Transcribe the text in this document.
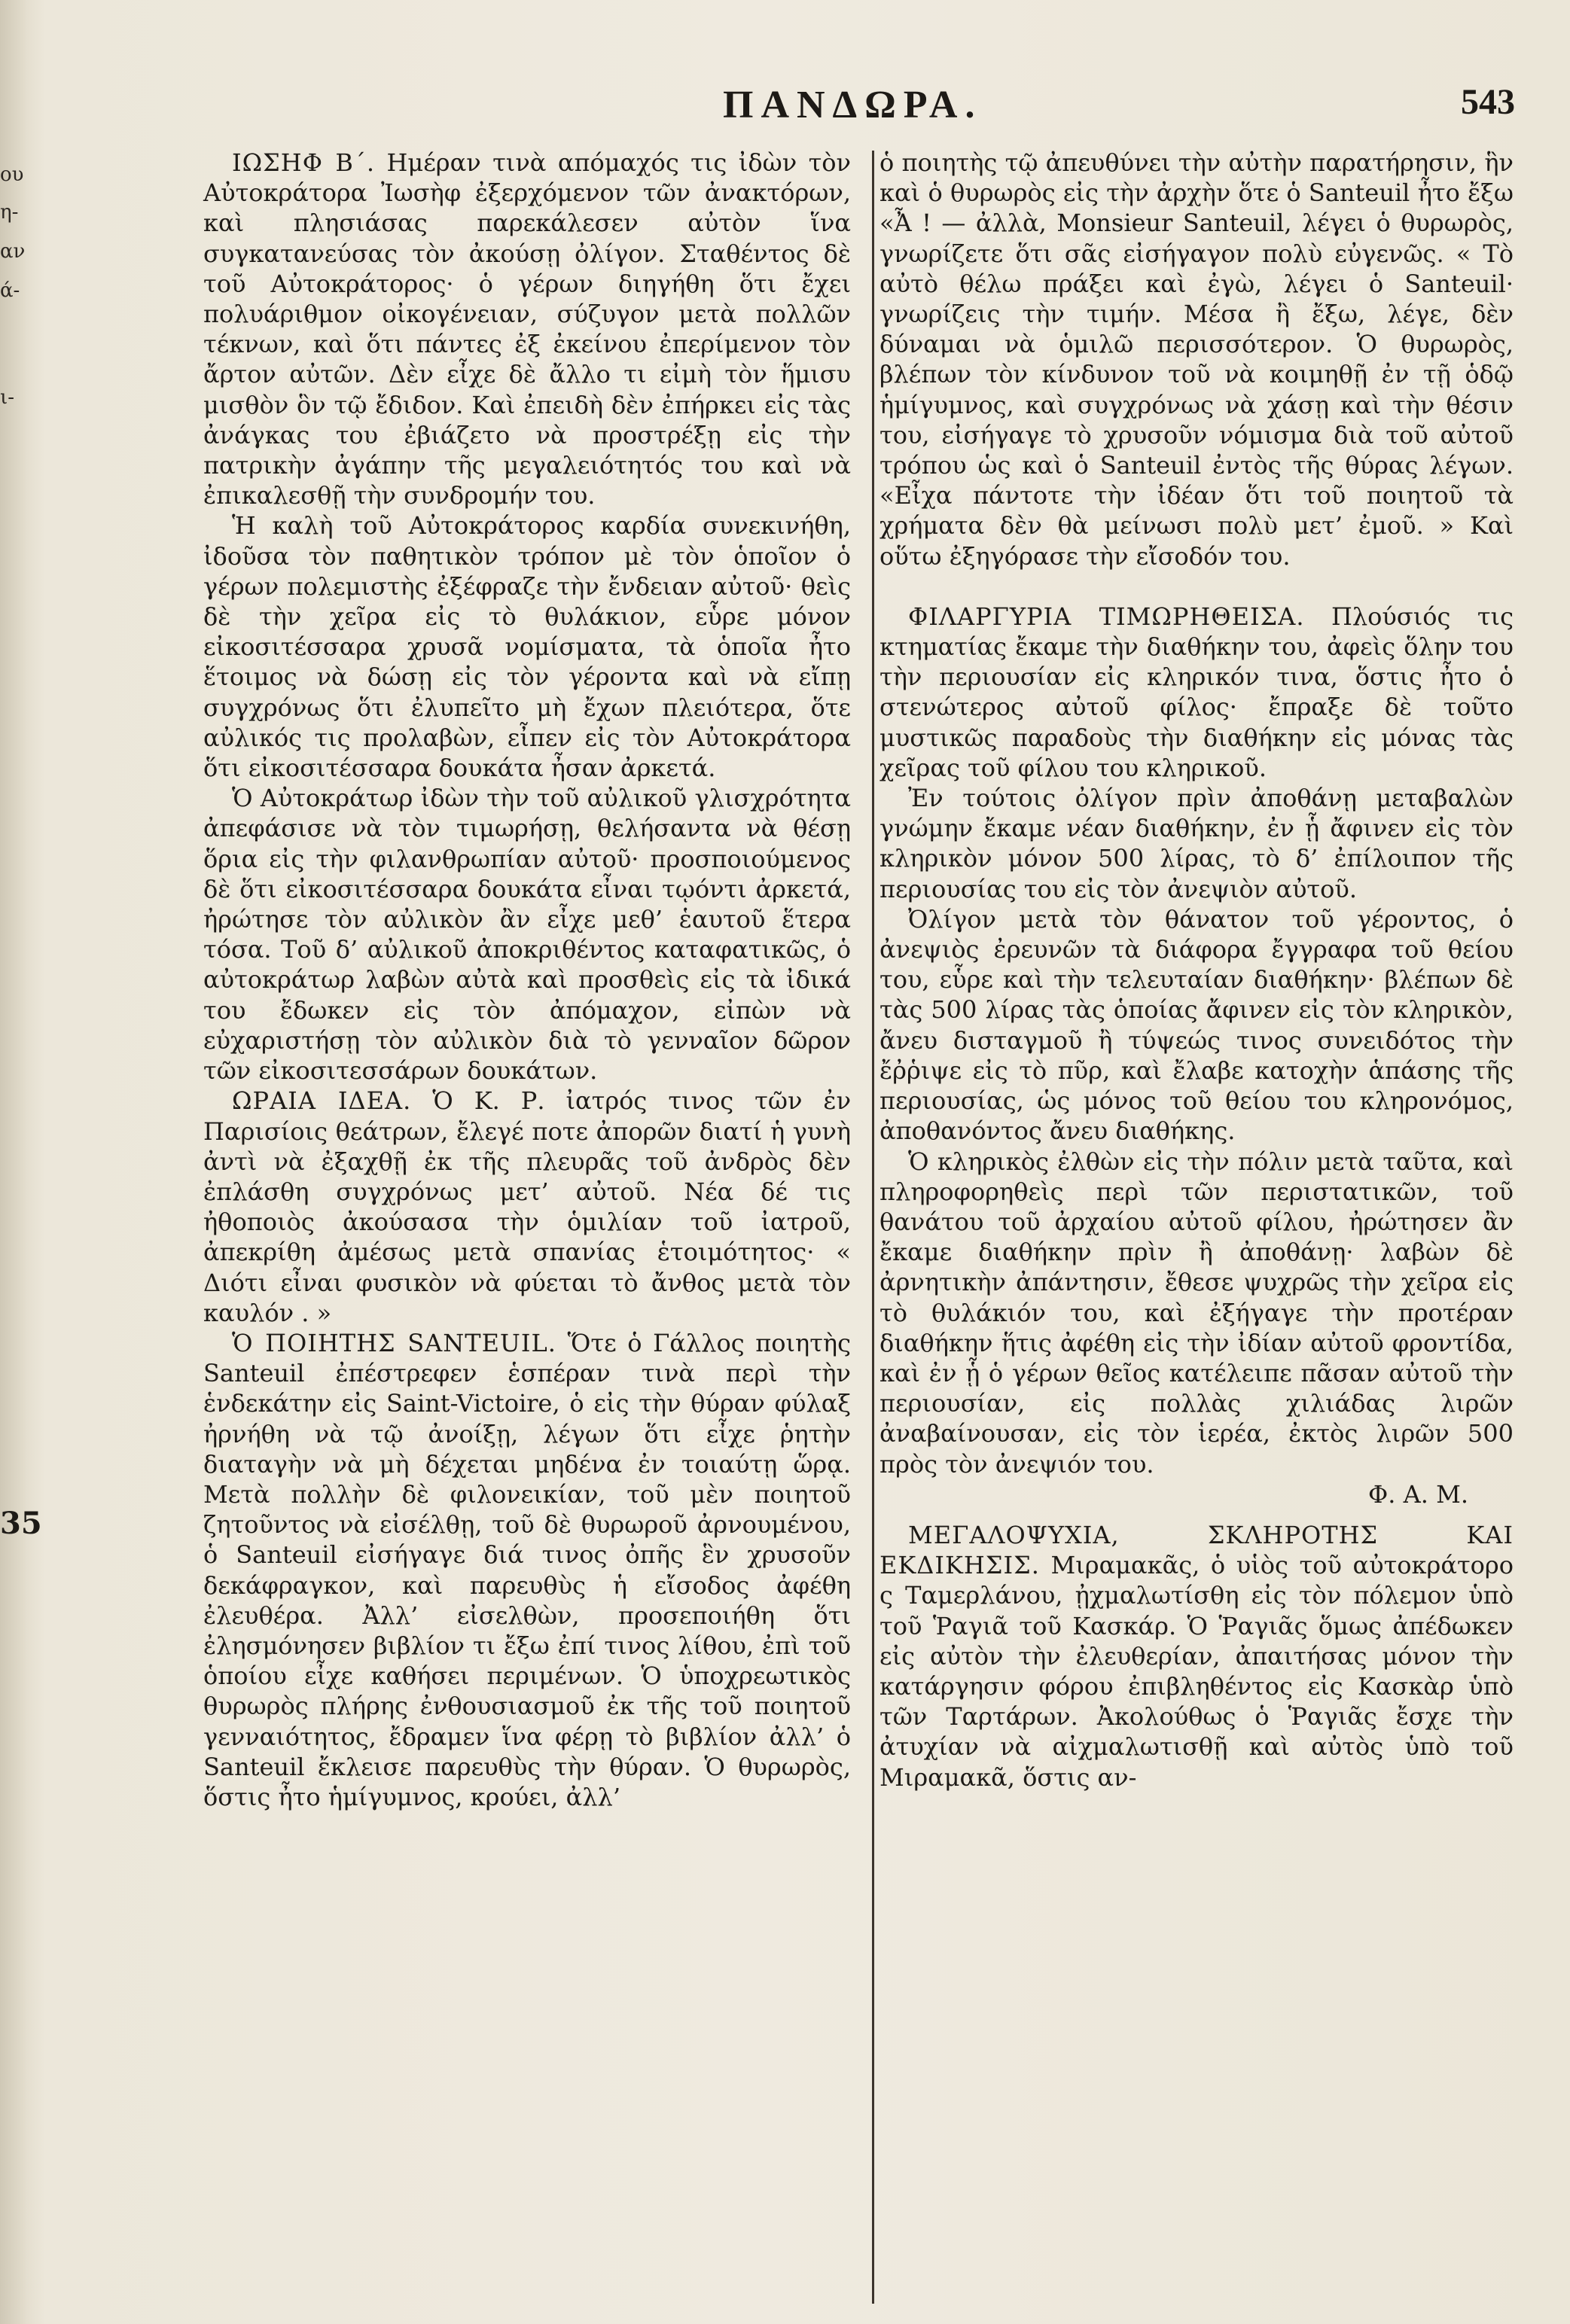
ου
η-
αν
ά-
ι-
35
ΠΑΝΔΩΡΑ.	543

ΙΩΣΗΦ Β΄. Ημέραν τινὰ απόμαχός τις ἰδὼν τὸν Αὐτοκράτορα Ἰωσὴφ ἐξερχόμενον τῶν ἀνακτόρων, καὶ πλησιάσας παρεκάλεσεν αὐτὸν ἵνα συγκατανεύσας τὸν ἀκούσῃ ὀλίγον. Σταθέντος δὲ τοῦ Αὐτοκράτορος· ὁ γέρων διηγήθη ὅτι ἔχει πολυάριθμον οἰκογένειαν, σύζυγον μετὰ πολλῶν τέκνων, καὶ ὅτι πάντες ἐξ ἐκείνου ἐπερίμενον τὸν ἄρτον αὐτῶν. Δὲν εἶχε δὲ ἄλλο τι εἰμὴ τὸν ἥμισυ μισθὸν ὃν τῷ ἔδιδον. Καὶ ἐπειδὴ δὲν ἐπήρκει εἰς τὰς ἀνάγκας του ἐβιάζετο νὰ προστρέξῃ εἰς τὴν πατρικὴν ἀγάπην τῆς μεγαλειότητός του καὶ νὰ ἐπικαλεσθῇ τὴν συνδρομήν του.

Ἡ καλὴ τοῦ Αὐτοκράτορος καρδία συνεκινήθη, ἰδοῦσα τὸν παθητικὸν τρόπον μὲ τὸν ὁποῖον ὁ γέρων πολεμιστὴς ἐξέφραζε τὴν ἔνδειαν αὐτοῦ· θεὶς δὲ τὴν χεῖρα εἰς τὸ θυλάκιον, εὗρε μόνον εἰκοσιτέσσαρα χρυσᾶ νομίσματα, τὰ ὁποῖα ἦτο ἕτοιμος νὰ δώσῃ εἰς τὸν γέροντα καὶ νὰ εἴπῃ συγχρόνως ὅτι ἐλυπεῖτο μὴ ἔχων πλειότερα, ὅτε αὐλικός τις προλαβὼν, εἶπεν εἰς τὸν Αὐτοκράτορα ὅτι εἰκοσιτέσσαρα δουκάτα ἦσαν ἀρκετά.

Ὁ Αὐτοκράτωρ ἰδὼν τὴν τοῦ αὐλικοῦ γλισχρότητα ἀπεφάσισε νὰ τὸν τιμωρήσῃ, θελήσαντα νὰ θέσῃ ὅρια εἰς τὴν φιλανθρωπίαν αὐτοῦ· προσποιούμενος δὲ ὅτι εἰκοσιτέσσαρα δουκάτα εἶναι τῳόντι ἀρκετά, ἠρώτησε τὸν αὐλικὸν ἂν εἶχε μεθ’ ἑαυτοῦ ἕτερα τόσα. Τοῦ δ’ αὐλικοῦ ἀποκριθέντος καταφατικῶς, ὁ αὐτοκράτωρ λαβὼν αὐτὰ καὶ προσθεὶς εἰς τὰ ἰδικά του ἔδωκεν εἰς τὸν ἀπόμαχον, εἰπὼν νὰ εὐχαριστήσῃ τὸν αὐλικὸν διὰ τὸ γενναῖον δῶρον τῶν εἰκοσιτεσσάρων δουκάτων.

ΩΡΑΙΑ ΙΔΕΑ. Ὁ Κ. Ρ. ἰατρός τινος τῶν ἐν Παρισίοις θεάτρων, ἔλεγέ ποτε ἀπορῶν διατί ἡ γυνὴ ἀντὶ νὰ ἐξαχθῇ ἐκ τῆς πλευρᾶς τοῦ ἀνδρὸς δὲν ἐπλάσθη συγχρόνως μετ’ αὐτοῦ. Νέα δέ τις ἠθοποιὸς ἀκούσασα τὴν ὁμιλίαν τοῦ ἰατροῦ, ἀπεκρίθη ἀμέσως μετὰ σπανίας ἑτοιμότητος· « Διότι εἶναι φυσικὸν νὰ φύεται τὸ ἄνθος μετὰ τὸν καυλόν . »

Ὁ ΠΟΙΗΤΗΣ SANTEUIL. Ὅτε ὁ Γάλλος ποιητὴς Santeuil ἐπέστρεφεν ἑσπέραν τινὰ περὶ τὴν ἑνδεκάτην εἰς Saint-Victoire, ὁ εἰς τὴν θύραν φύλαξ ἠρνήθη νὰ τῷ ἀνοίξῃ, λέγων ὅτι εἶχε ῥητὴν διαταγὴν νὰ μὴ δέχεται μηδένα ἐν τοιαύτῃ ὥρᾳ. Μετὰ πολλὴν δὲ φιλονεικίαν, τοῦ μὲν ποιητοῦ ζητοῦντος νὰ εἰσέλθῃ, τοῦ δὲ θυρωροῦ ἀρνουμένου, ὁ Santeuil εἰσήγαγε διά τινος ὀπῆς ἓν χρυσοῦν δεκάφραγκον, καὶ παρευθὺς ἡ εἴσοδος ἀφέθη ἐλευθέρα. Ἀλλ’ εἰσελθὼν, προσεποιήθη ὅτι ἐλησμόνησεν βιβλίον τι ἔξω ἐπί τινος λίθου, ἐπὶ τοῦ ὁποίου εἶχε καθήσει περιμένων. Ὁ ὑποχρεωτικὸς θυρωρὸς πλήρης ἐνθουσιασμοῦ ἐκ τῆς τοῦ ποιητοῦ γενναιότητος, ἔδραμεν ἵνα φέρῃ τὸ βιβλίον ἀλλ’ ὁ Santeuil ἔκλεισε παρευθὺς τὴν θύραν. Ὁ θυρωρὸς, ὅστις ἦτο ἡμίγυμνος, κρούει, ἀλλ’

ὁ ποιητὴς τῷ ἀπευθύνει τὴν αὐτὴν παρατήρησιν, ἣν καὶ ὁ θυρωρὸς εἰς τὴν ἀρχὴν ὅτε ὁ Santeuil ἦτο ἔξω «Ἆ ! — ἀλλὰ, Monsieur Santeuil, λέγει ὁ θυρωρὸς, γνωρίζετε ὅτι σᾶς εἰσήγαγον πολὺ εὐγενῶς. « Τὸ αὐτὸ θέλω πράξει καὶ ἐγὼ, λέγει ὁ Santeuil· γνωρίζεις τὴν τιμήν. Μέσα ἢ ἔξω, λέγε, δὲν δύναμαι νὰ ὁμιλῶ περισσότερον. Ὁ θυρωρὸς, βλέπων τὸν κίνδυνον τοῦ νὰ κοιμηθῇ ἐν τῇ ὁδῷ ἡμίγυμνος, καὶ συγχρόνως νὰ χάσῃ καὶ τὴν θέσιν του, εἰσήγαγε τὸ χρυσοῦν νόμισμα διὰ τοῦ αὐτοῦ τρόπου ὡς καὶ ὁ Santeuil ἐντὸς τῆς θύρας λέγων. «Εἶχα πάντοτε τὴν ἰδέαν ὅτι τοῦ ποιητοῦ τὰ χρήματα δὲν θὰ μείνωσι πολὺ μετ’ ἐμοῦ. » Καὶ οὕτω ἐξηγόρασε τὴν εἴσοδόν του.

ΦΙΛΑΡΓΥΡΙΑ ΤΙΜΩΡΗΘΕΙΣΑ. Πλούσιός τις κτηματίας ἔκαμε τὴν διαθήκην του, ἀφεὶς ὅλην του τὴν περιουσίαν εἰς κληρικόν τινα, ὅστις ἦτο ὁ στενώτερος αὐτοῦ φίλος· ἔπραξε δὲ τοῦτο μυστικῶς παραδοὺς τὴν διαθήκην εἰς μόνας τὰς χεῖρας τοῦ φίλου του κληρικοῦ.

Ἐν τούτοις ὀλίγον πρὶν ἀποθάνῃ μεταβαλὼν γνώμην ἔκαμε νέαν διαθήκην, ἐν ᾗ ἄφινεν εἰς τὸν κληρικὸν μόνον 500 λίρας, τὸ δ’ ἐπίλοιπον τῆς περιουσίας του εἰς τὸν ἀνεψιὸν αὐτοῦ.

Ὀλίγον μετὰ τὸν θάνατον τοῦ γέροντος, ὁ ἀνεψιὸς ἐρευνῶν τὰ διάφορα ἔγγραφα τοῦ θείου του, εὗρε καὶ τὴν τελευταίαν διαθήκην· βλέπων δὲ τὰς 500 λίρας τὰς ὁποίας ἄφινεν εἰς τὸν κληρικὸν, ἄνευ δισταγμοῦ ἢ τύψεώς τινος συνειδότος τὴν ἔῤῥιψε εἰς τὸ πῦρ, καὶ ἔλαβε κατοχὴν ἁπάσης τῆς περιουσίας, ὡς μόνος τοῦ θείου του κληρονόμος, ἀποθανόντος ἄνευ διαθήκης.

Ὁ κληρικὸς ἐλθὼν εἰς τὴν πόλιν μετὰ ταῦτα, καὶ πληροφορηθεὶς περὶ τῶν περιστατικῶν, τοῦ θανάτου τοῦ ἀρχαίου αὐτοῦ φίλου, ἠρώτησεν ἂν ἔκαμε διαθήκην πρὶν ἢ ἀποθάνῃ· λαβὼν δὲ ἀρνητικὴν ἀπάντησιν, ἔθεσε ψυχρῶς τὴν χεῖρα εἰς τὸ θυλάκιόν του, καὶ ἐξήγαγε τὴν προτέραν διαθήκην ἥτις ἀφέθη εἰς τὴν ἰδίαν αὐτοῦ φροντίδα, καὶ ἐν ᾗ ὁ γέρων θεῖος κατέλειπε πᾶσαν αὐτοῦ τὴν περιουσίαν, εἰς πολλὰς χιλιάδας λιρῶν ἀναβαίνουσαν, εἰς τὸν ἱερέα, ἐκτὸς λιρῶν 500 πρὸς τὸν ἀνεψιόν του.

Φ. Α. Μ.

ΜΕΓΑΛΟΨΥΧΙΑ, ΣΚΛΗΡΟΤΗΣ ΚΑΙ ΕΚΔΙΚΗΣΙΣ. Μιραμακᾶς, ὁ υἱὸς τοῦ αὐτοκράτορο ς Ταμερλάνου, ᾐχμαλωτίσθη εἰς τὸν πόλεμον ὑπὸ τοῦ Ῥαγιᾶ τοῦ Κασκάρ. Ὁ Ῥαγιᾶς ὅμως ἀπέδωκεν εἰς αὐτὸν τὴν ἐλευθερίαν, ἀπαιτήσας μόνον τὴν κατάργησιν φόρου ἐπιβληθέντος εἰς Κασκὰρ ὑπὸ τῶν Ταρτάρων. Ἀκολούθως ὁ Ῥαγιᾶς ἔσχε τὴν ἀτυχίαν νὰ αἰχμαλωτισθῇ καὶ αὐτὸς ὑπὸ τοῦ Μιραμακᾶ, ὅστις αν-
